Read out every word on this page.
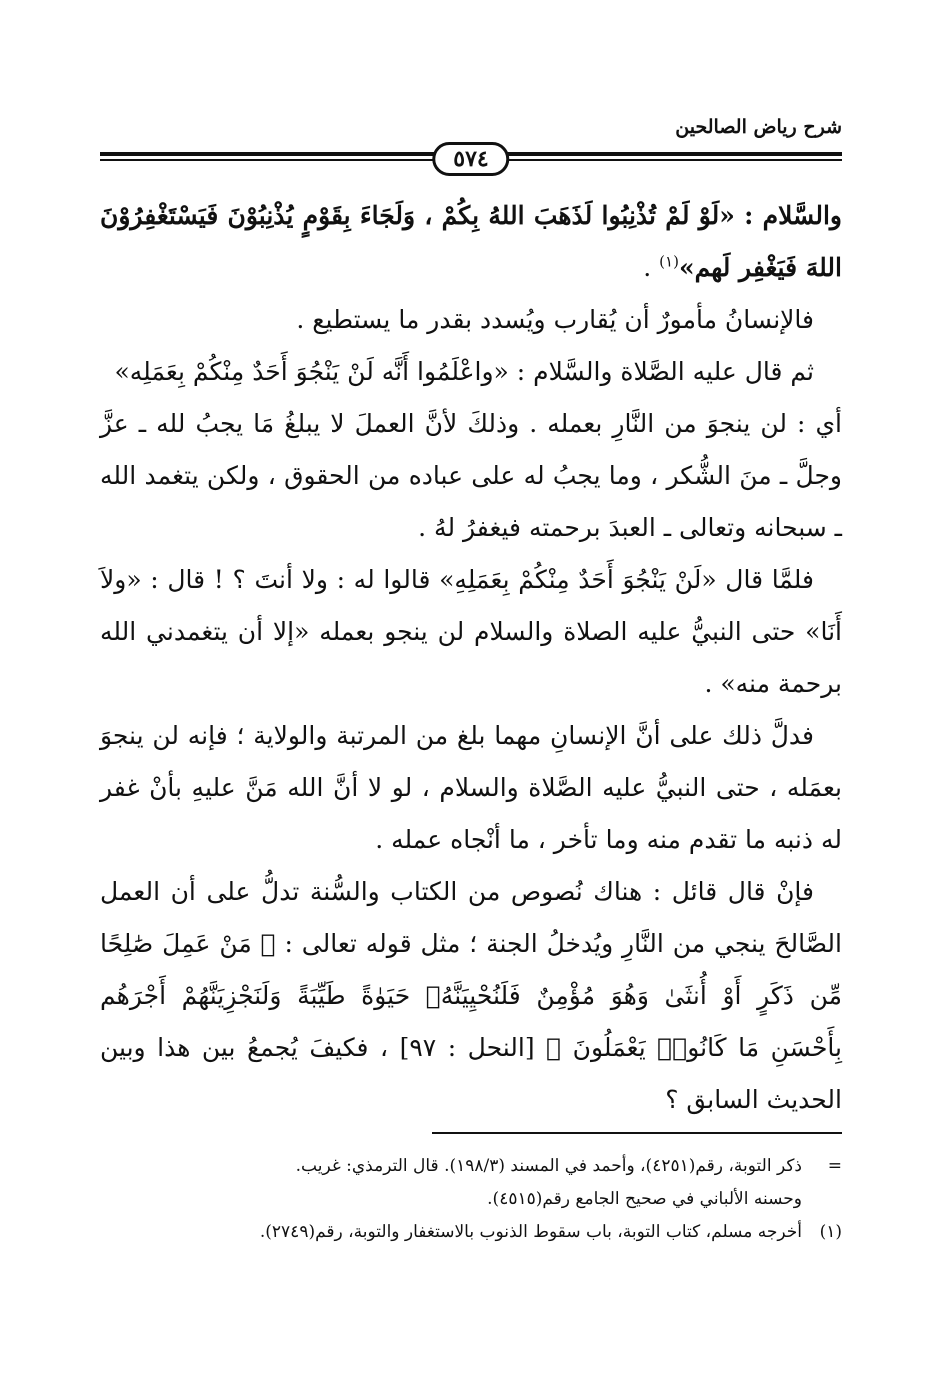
شرح رياض الصالحين
٥٧٤

والسَّلام : «لَوْ لَمْ تُذْنِبُوا لَذَهَبَ اللهُ بِكُمْ ، وَلَجَاءَ بِقَوْمٍ يُذْنِبُوْنَ فَيَسْتَغْفِرُوْنَ اللهَ فَيَغْفِر لَهم»$^{(١)}$ .

فالإنسانُ مأمورٌ أن يُقارب ويُسدد بقدر ما يستطيع .

ثم قال عليه الصَّلاة والسَّلام : «واعْلَمُوا أَنَّه لَنْ يَنْجُوَ أَحَدٌ مِنْكُمْ بِعَمَلِه»

أي : لن ينجوَ من النَّارِ بعمله . وذلكَ لأنَّ العملَ لا يبلغُ مَا يجبُ لله ـ عزَّ وجلَّ ـ منَ الشُّكر ، وما يجبُ له على عباده من الحقوق ، ولكن يتغمد الله ـ سبحانه وتعالى ـ العبدَ برحمته فيغفرُ لهُ .

فلمَّا قال «لَنْ يَنْجُوَ أَحَدٌ مِنْكُمْ بِعَمَلِهِ» قالوا له : ولا أنتَ ؟ ! قال : «ولاَ أَنَا» حتى النبيُّ عليه الصلاة والسلام لن ينجو بعمله «إلا أن يتغمدني الله برحمة منه» .

فدلَّ ذلك على أنَّ الإنسانِ مهما بلغ من المرتبة والولاية ؛ فإنه لن ينجوَ بعمَله ، حتى النبيُّ عليه الصَّلاة والسلام ، لو لا أنَّ الله مَنَّ عليهِ بأنْ غفر له ذنبه ما تقدم منه وما تأخر ، ما أنْجاه عمله .

فإنْ قال قائل : هناك نُصوص من الكتاب والسُّنة تدلُّ على أن العمل الصَّالحَ ينجي من النَّارِ ويُدخلُ الجنة ؛ مثل قوله تعالى : ﴿ مَنْ عَمِلَ صَٰلِحًا مِّن ذَكَرٍ أَوْ أُنثَىٰ وَهُوَ مُؤْمِنٌ فَلَنُحْيِيَنَّهُۥ حَيَوٰةً طَيِّبَةً وَلَنَجْزِيَنَّهُمْ أَجْرَهُم بِأَحْسَنِ مَا كَانُوا۟ يَعْمَلُونَ ﴾ [النحل : ٩٧] ، فكيفَ يُجمعُ بين هذا وبين الحديث السابق ؟

=ذكر التوبة، رقم(٤٢٥١)، وأحمد في المسند (١٩٨/٣). قال الترمذي: غريب.

وحسنه الألباني في صحيح الجامع رقم(٤٥١٥).

(١)أخرجه مسلم، كتاب التوبة، باب سقوط الذنوب بالاستغفار والتوبة، رقم(٢٧٤٩).
